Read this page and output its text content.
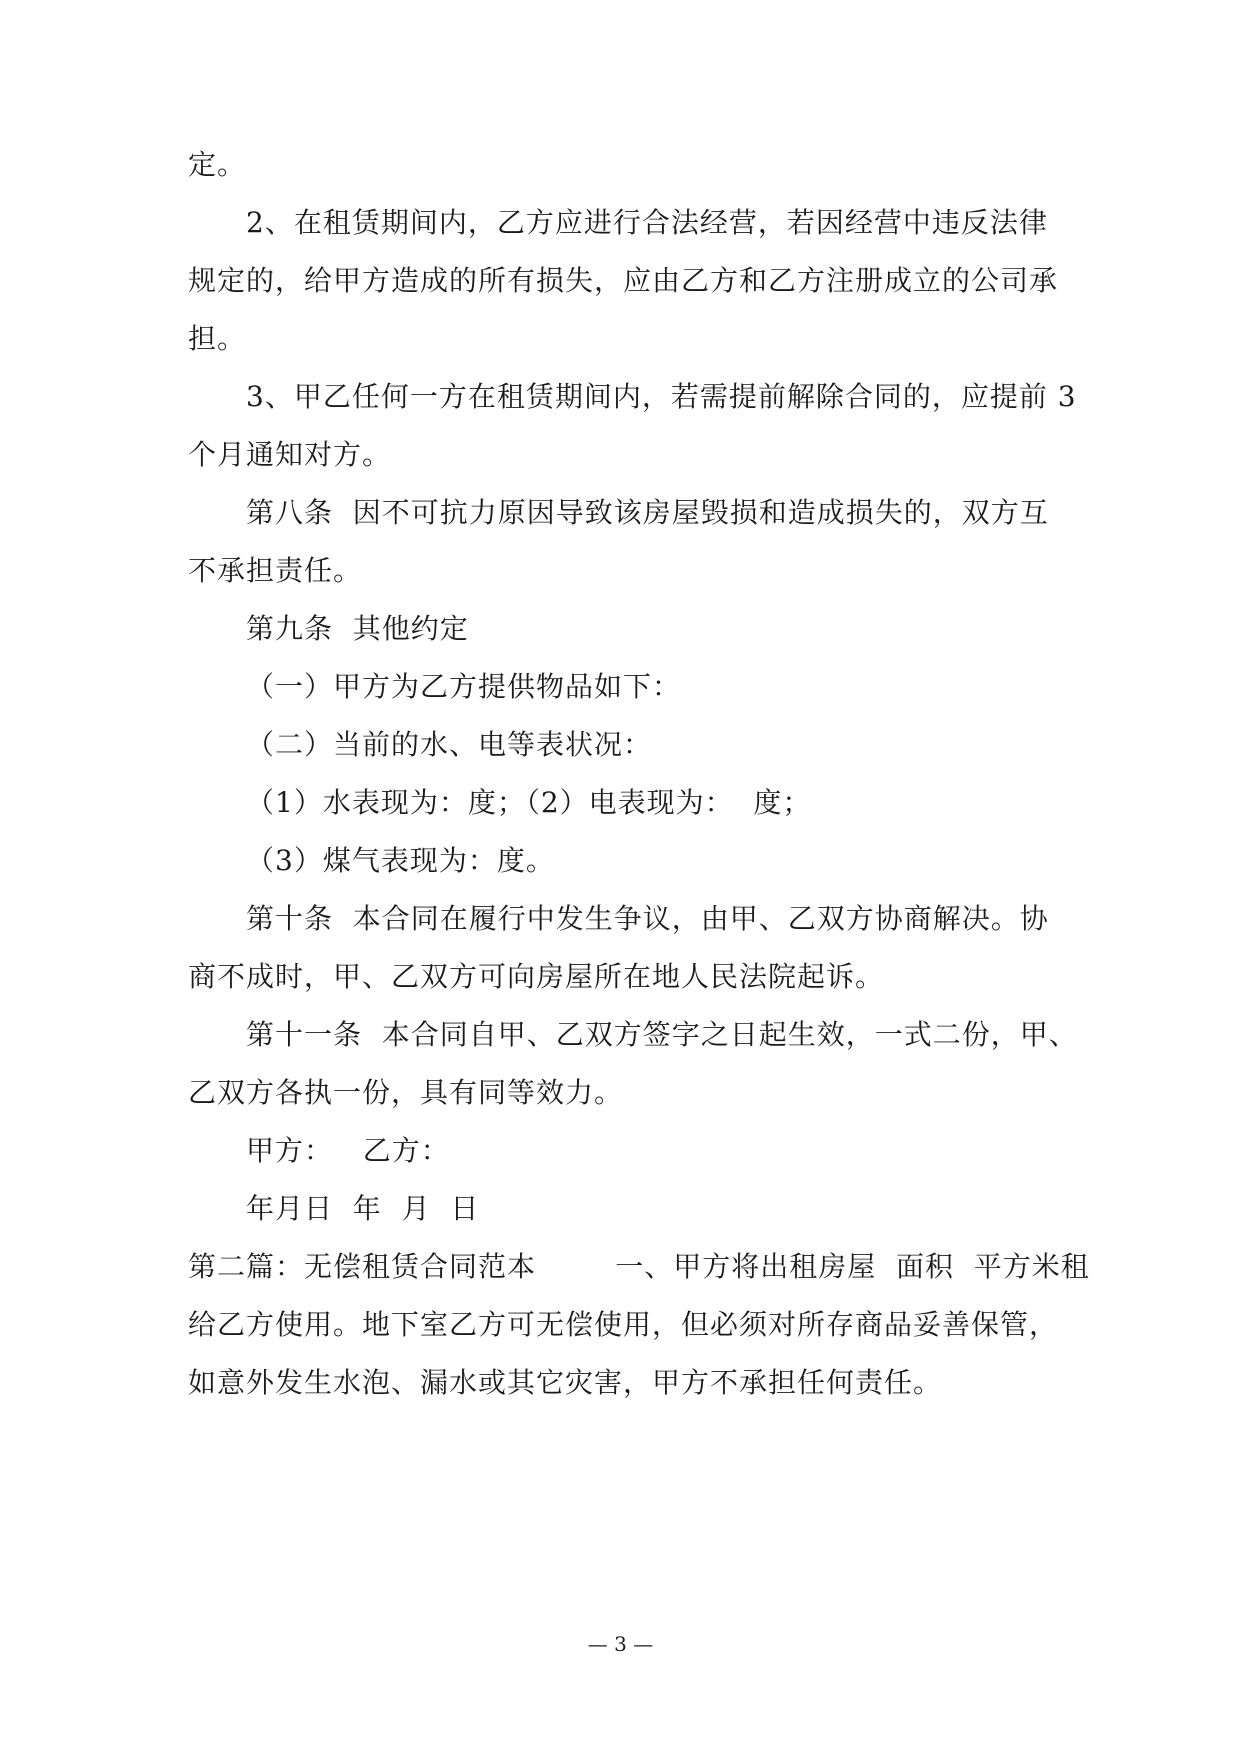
定。
2、在租赁期间内，乙方应进行合法经营，若因经营中违反法律
规定的，给甲方造成的所有损失，应由乙方和乙方注册成立的公司承
担。
3、甲乙任何一方在租赁期间内，若需提前解除合同的，应提前 3
个月通知对方。
第八条  因不可抗力原因导致该房屋毁损和造成损失的，双方互
不承担责任。
第九条  其他约定
（一）甲方为乙方提供物品如下：
（二）当前的水、电等表状况：
（1）水表现为：度；（2）电表现为：  度；
（3）煤气表现为：度。
第十条  本合同在履行中发生争议，由甲、乙双方协商解决。协
商不成时，甲、乙双方可向房屋所在地人民法院起诉。
第十一条  本合同自甲、乙双方签字之日起生效，一式二份，甲、
乙双方各执一份，具有同等效力。
甲方：   乙方：
年月日  年  月  日
第二篇：无偿租赁合同范本        一、甲方将出租房屋  面积  平方米租
给乙方使用。地下室乙方可无偿使用，但必须对所存商品妥善保管，
如意外发生水泡、漏水或其它灾害，甲方不承担任何责任。
— 3 —
